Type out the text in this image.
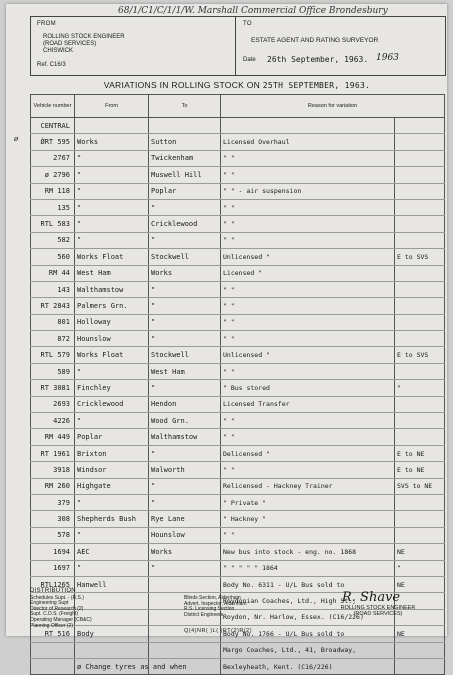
68/1/C1/C/1/1/W. Marshall Commercial Office Brondesbury
FROM
ROLLING STOCK ENGINEER
(ROAD SERVICES)
CHISWICK
Ref. C16/3
TO
ESTATE AGENT AND RATING SURVEYOR
Date 26th September, 1963. 1963
VARIATIONS IN ROLLING STOCK ON 25TH SEPTEMBER, 1963.
ø
Vehicle number	From	To	Reason for variation	
CENTRAL				
ǾRT 595	Works	Sutton	Licensed Overhaul	
2767	"	Twickenham	" "	
ø 2796	"	Muswell Hill	" "	
RM 118	"	Poplar	" " - air suspension	
135	"	"	" "	
RTL 583	"	Cricklewood	" "	
582	"	"	" "	
560	Works Float	Stockwell	Unlicensed "	E to SVS
RM 44	West Ham	Works	Licensed "	
143	Walthamstow	"	" "	
RT 2843	Palmers Grn.	"	" "	
801	Holloway	"	" "	
872	Hounslow	"	" "	
RTL 579	Works Float	Stockwell	Unlicensed "	E to SVS
589	"	West Ham	" "	
RT 3081	Finchley	"	" Bus stored	"
2693	Cricklewood	Hendon	Licensed Transfer	
4226	"	Wood Grn.	" "	
RM 449	Poplar	Walthamstow	" "	
RT 1961	Brixton	"	Delicensed "	E to NE
3918	Windsor	Walworth	" "	E to NE
RM 260	Highgate	"	Relicensed - Hackney Trainer	SVS to NE
379	"	"	" Private "	
308	Shepherds Bush	Rye Lane	" Hackney "	
578	"	Hounslow	" "	
1694	AEC	Works	New bus into stock - eng. no. 1868	NE
1697	"	"	" " " " " 1864	"
RTL1265	Hanwell		Body No. 6311 - U/L Bus sold to	NE
			Roydonian Coaches, Ltd., High St.,	
			Roydon, Nr. Harlow, Essex. (C16/226)	
RT 516	Body		Body No. 1766 - U/L Bus sold to	NE
			Margo Coaches, Ltd., 41, Broadway,	
	ø Change tyres as and when		Bexleyheath, Kent. (C16/226)	
DISTRIBUTION
Schedules Supt. - (R.S.)
Engineering Supt
Director of Research (2)
Supt. C.D.S. (Freight)
Operating Manager (CB&C)
Planning Officer (2)
Blinds Section, Aldenham
Advert. Inspector, Aldenham
R.S. Licensing Section
District Engineers
Q(4)NR( )L( )RT(2)R(2)
R. Shave
ROLLING STOCK ENGINEER
(ROAD SERVICES)
